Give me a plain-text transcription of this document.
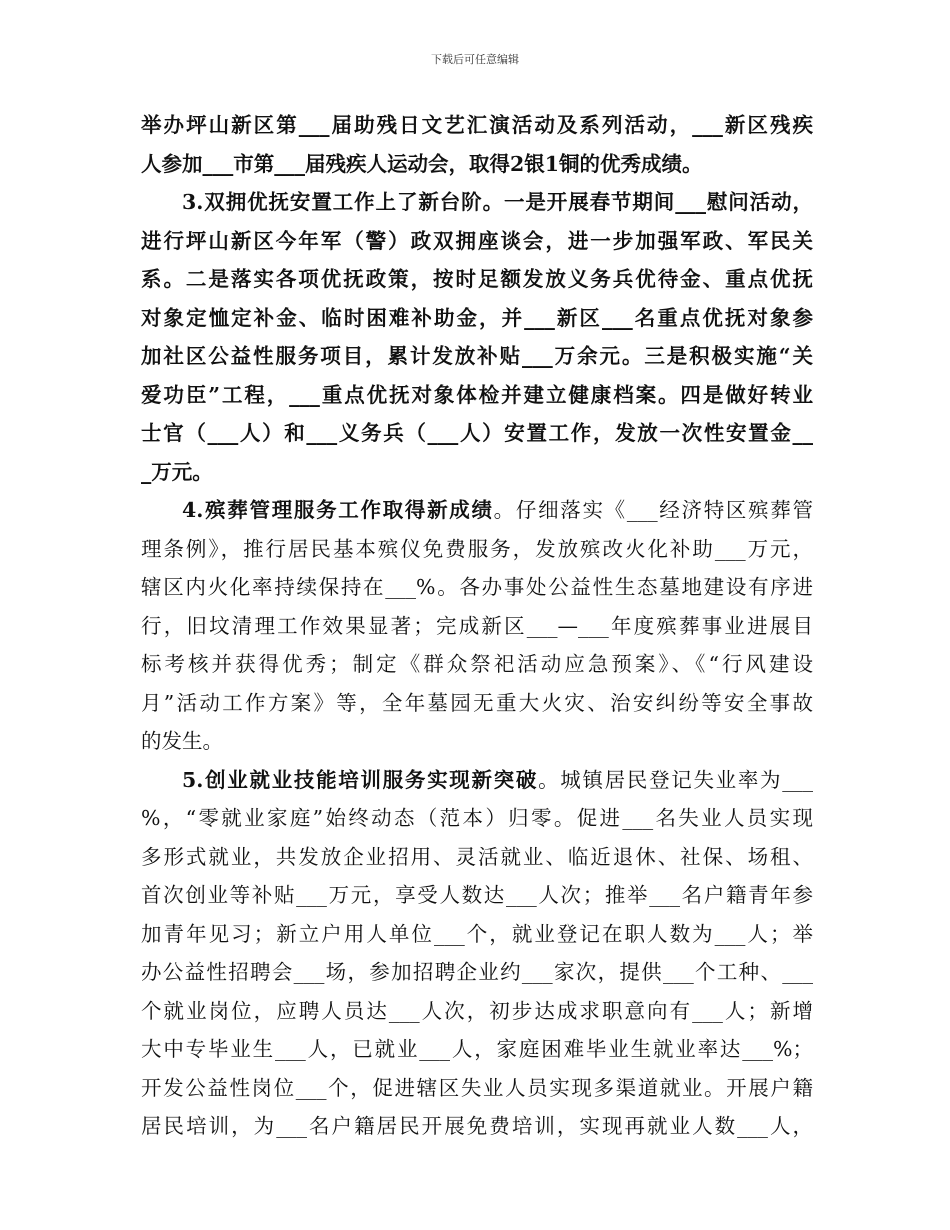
下载后可任意编辑
举办坪山新区第___届助残日文艺汇演活动及系列活动，___新区残疾
人参加___市第___届残疾人运动会，取得2银1铜的优秀成绩。
3.双拥优抚安置工作上了新台阶。一是开展春节期间___慰问活动，
进行坪山新区今年军（警）政双拥座谈会，进一步加强军政、军民关
系。二是落实各项优抚政策，按时足额发放义务兵优待金、重点优抚
对象定恤定补金、临时困难补助金，并___新区___名重点优抚对象参
加社区公益性服务项目，累计发放补贴___万余元。三是积极实施“关
爱功臣”工程，___重点优抚对象体检并建立健康档案。四是做好转业
士官（___人）和___义务兵（___人）安置工作，发放一次性安置金__
_万元。
4.殡葬管理服务工作取得新成绩。仔细落实《___经济特区殡葬管
理条例》，推行居民基本殡仪免费服务，发放殡改火化补助___万元，
辖区内火化率持续保持在___%。各办事处公益性生态墓地建设有序进
行，旧坟清理工作效果显著；完成新区___—___年度殡葬事业进展目
标考核并获得优秀；制定《群众祭祀活动应急预案》、《“行风建设
月”活动工作方案》等，全年墓园无重大火灾、治安纠纷等安全事故
的发生。
5.创业就业技能培训服务实现新突破。城镇居民登记失业率为___
%，“零就业家庭”始终动态（范本）归零。促进___名失业人员实现
多形式就业，共发放企业招用、灵活就业、临近退休、社保、场租、
首次创业等补贴___万元，享受人数达___人次；推举___名户籍青年参
加青年见习；新立户用人单位___个，就业登记在职人数为___人；举
办公益性招聘会___场，参加招聘企业约___家次，提供___个工种、___
个就业岗位，应聘人员达___人次，初步达成求职意向有___人；新增
大中专毕业生___人，已就业___人，家庭困难毕业生就业率达___%；
开发公益性岗位___个，促进辖区失业人员实现多渠道就业。开展户籍
居民培训，为___名户籍居民开展免费培训，实现再就业人数___人，
